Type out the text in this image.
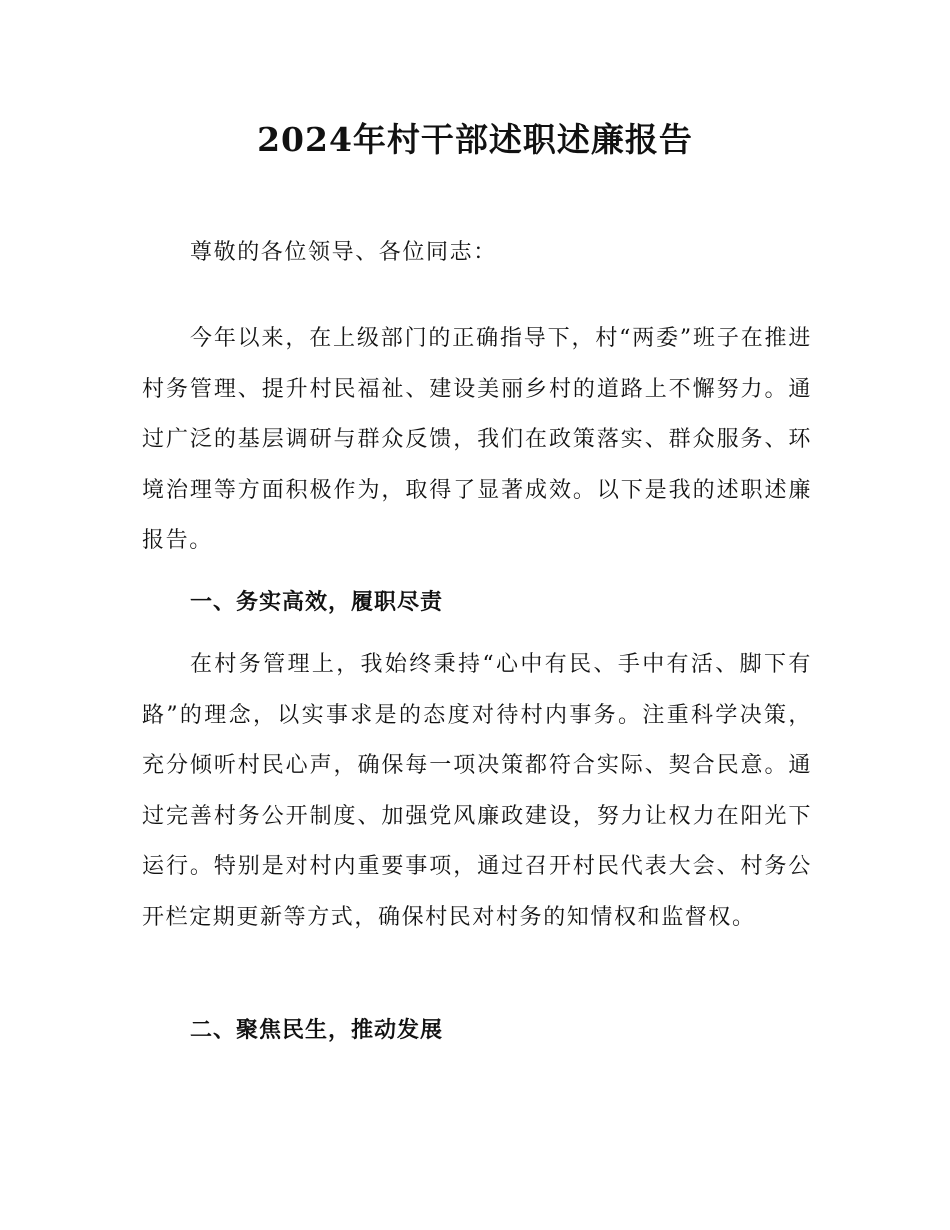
2024年村干部述职述廉报告
尊敬的各位领导、各位同志：
今年以来，在上级部门的正确指导下，村“两委”班子在推进村务管理、提升村民福祉、建设美丽乡村的道路上不懈努力。通过广泛的基层调研与群众反馈，我们在政策落实、群众服务、环境治理等方面积极作为，取得了显著成效。以下是我的述职述廉报告。
一、务实高效，履职尽责
在村务管理上，我始终秉持“心中有民、手中有活、脚下有路”的理念，以实事求是的态度对待村内事务。注重科学决策，充分倾听村民心声，确保每一项决策都符合实际、契合民意。通过完善村务公开制度、加强党风廉政建设，努力让权力在阳光下运行。特别是对村内重要事项，通过召开村民代表大会、村务公开栏定期更新等方式，确保村民对村务的知情权和监督权。
二、聚焦民生，推动发展
